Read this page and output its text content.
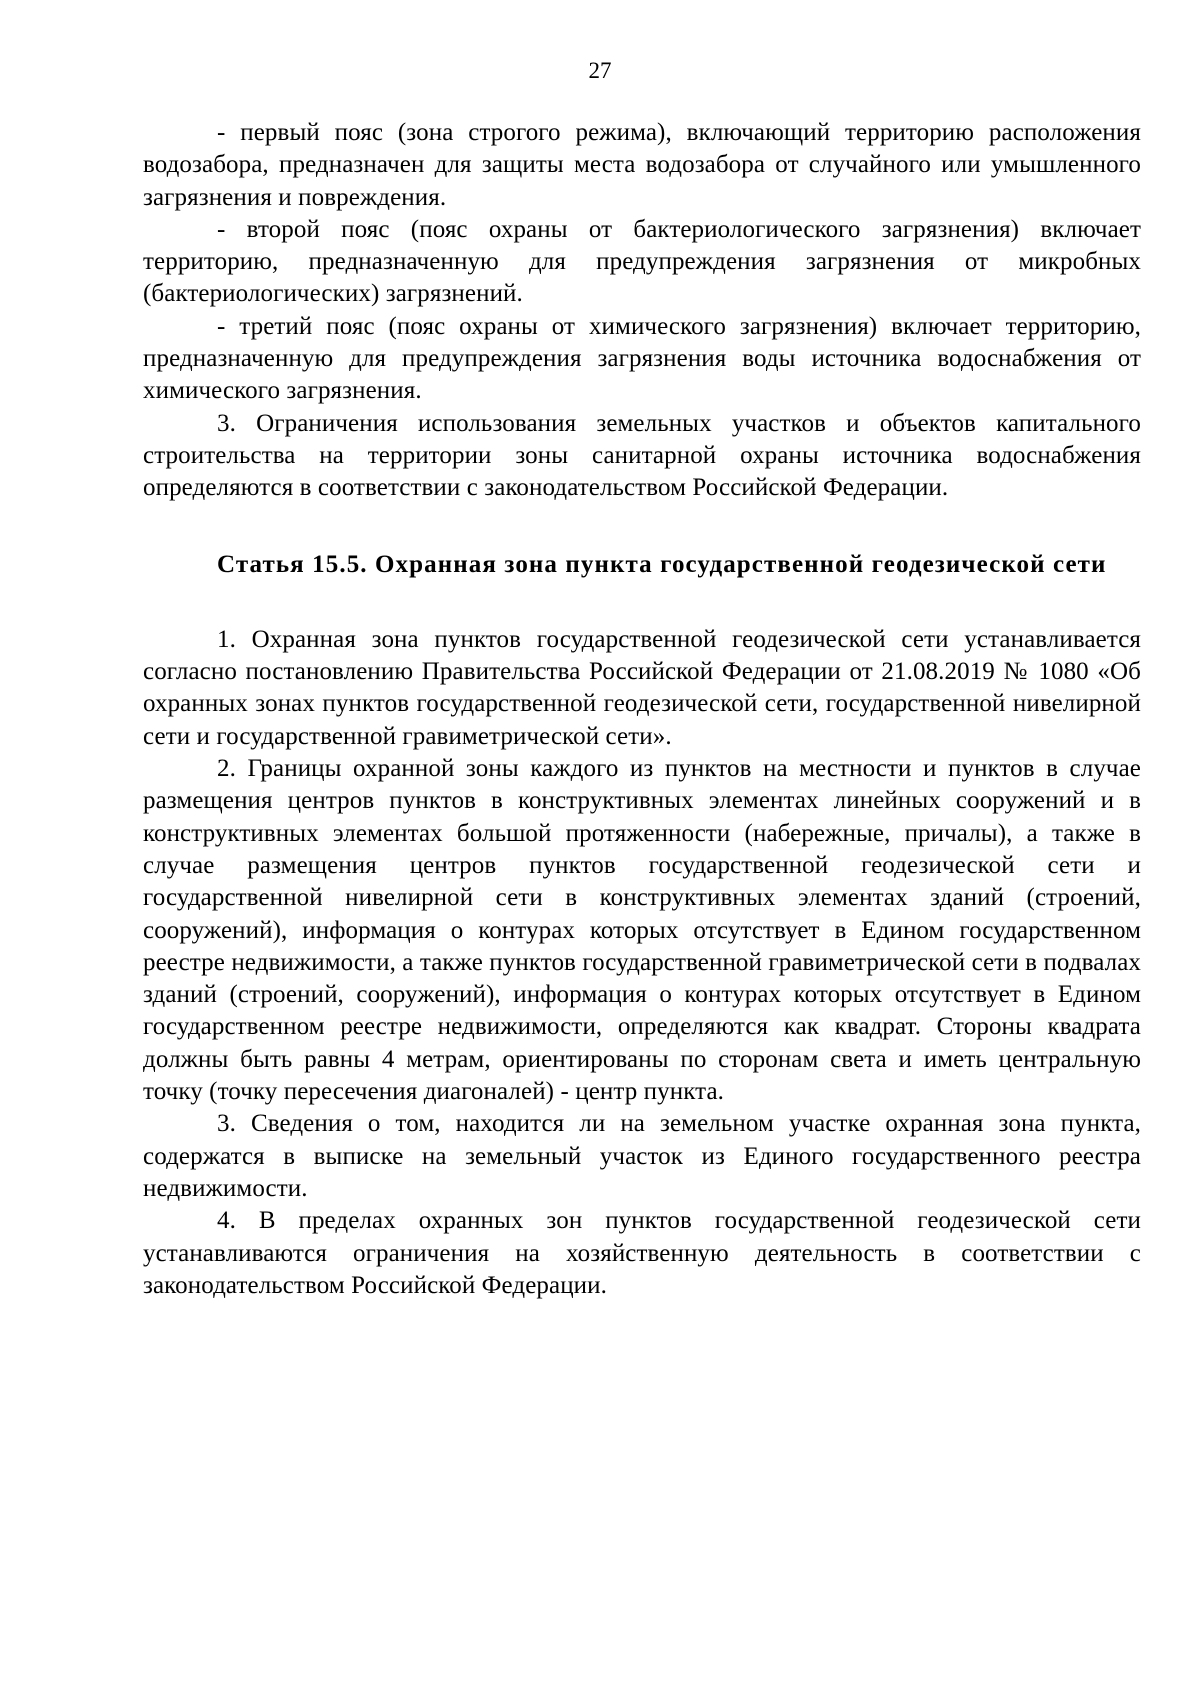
27

- первый пояс (зона строгого режима), включающий территорию расположения водозабора, предназначен для защиты места водозабора от случайного или умышленного загрязнения и повреждения.

- второй пояс (пояс охраны от бактериологического загрязнения) включает территорию, предназначенную для предупреждения загрязнения от микробных (бактериологических) загрязнений.

- третий пояс (пояс охраны от химического загрязнения) включает территорию, предназначенную для предупреждения загрязнения воды источника водоснабжения от химического загрязнения.

3. Ограничения использования земельных участков и объектов капитального строительства на территории зоны санитарной охраны источника водоснабжения определяются в соответствии с законодательством Российской Федерации.

Статья 15.5. Охранная зона пункта государственной геодезической сети

1. Охранная зона пунктов государственной геодезической сети устанавливается согласно постановлению Правительства Российской Федерации от 21.08.2019 № 1080 «Об охранных зонах пунктов государственной геодезической сети, государственной нивелирной сети и государственной гравиметрической сети».

2. Границы охранной зоны каждого из пунктов на местности и пунктов в случае размещения центров пунктов в конструктивных элементах линейных сооружений и в конструктивных элементах большой протяженности (набережные, причалы), а также в случае размещения центров пунктов государственной геодезической сети и государственной нивелирной сети в конструктивных элементах зданий (строений, сооружений), информация о контурах которых отсутствует в Едином государственном реестре недвижимости, а также пунктов государственной гравиметрической сети в подвалах зданий (строений, сооружений), информация о контурах которых отсутствует в Едином государственном реестре недвижимости, определяются как квадрат. Стороны квадрата должны быть равны 4 метрам, ориентированы по сторонам света и иметь центральную точку (точку пересечения диагоналей) - центр пункта.

3. Сведения о том, находится ли на земельном участке охранная зона пункта, содержатся в выписке на земельный участок из Единого государственного реестра недвижимости.

4. В пределах охранных зон пунктов государственной геодезической сети устанавливаются ограничения на хозяйственную деятельность в соответствии с законодательством Российской Федерации.
